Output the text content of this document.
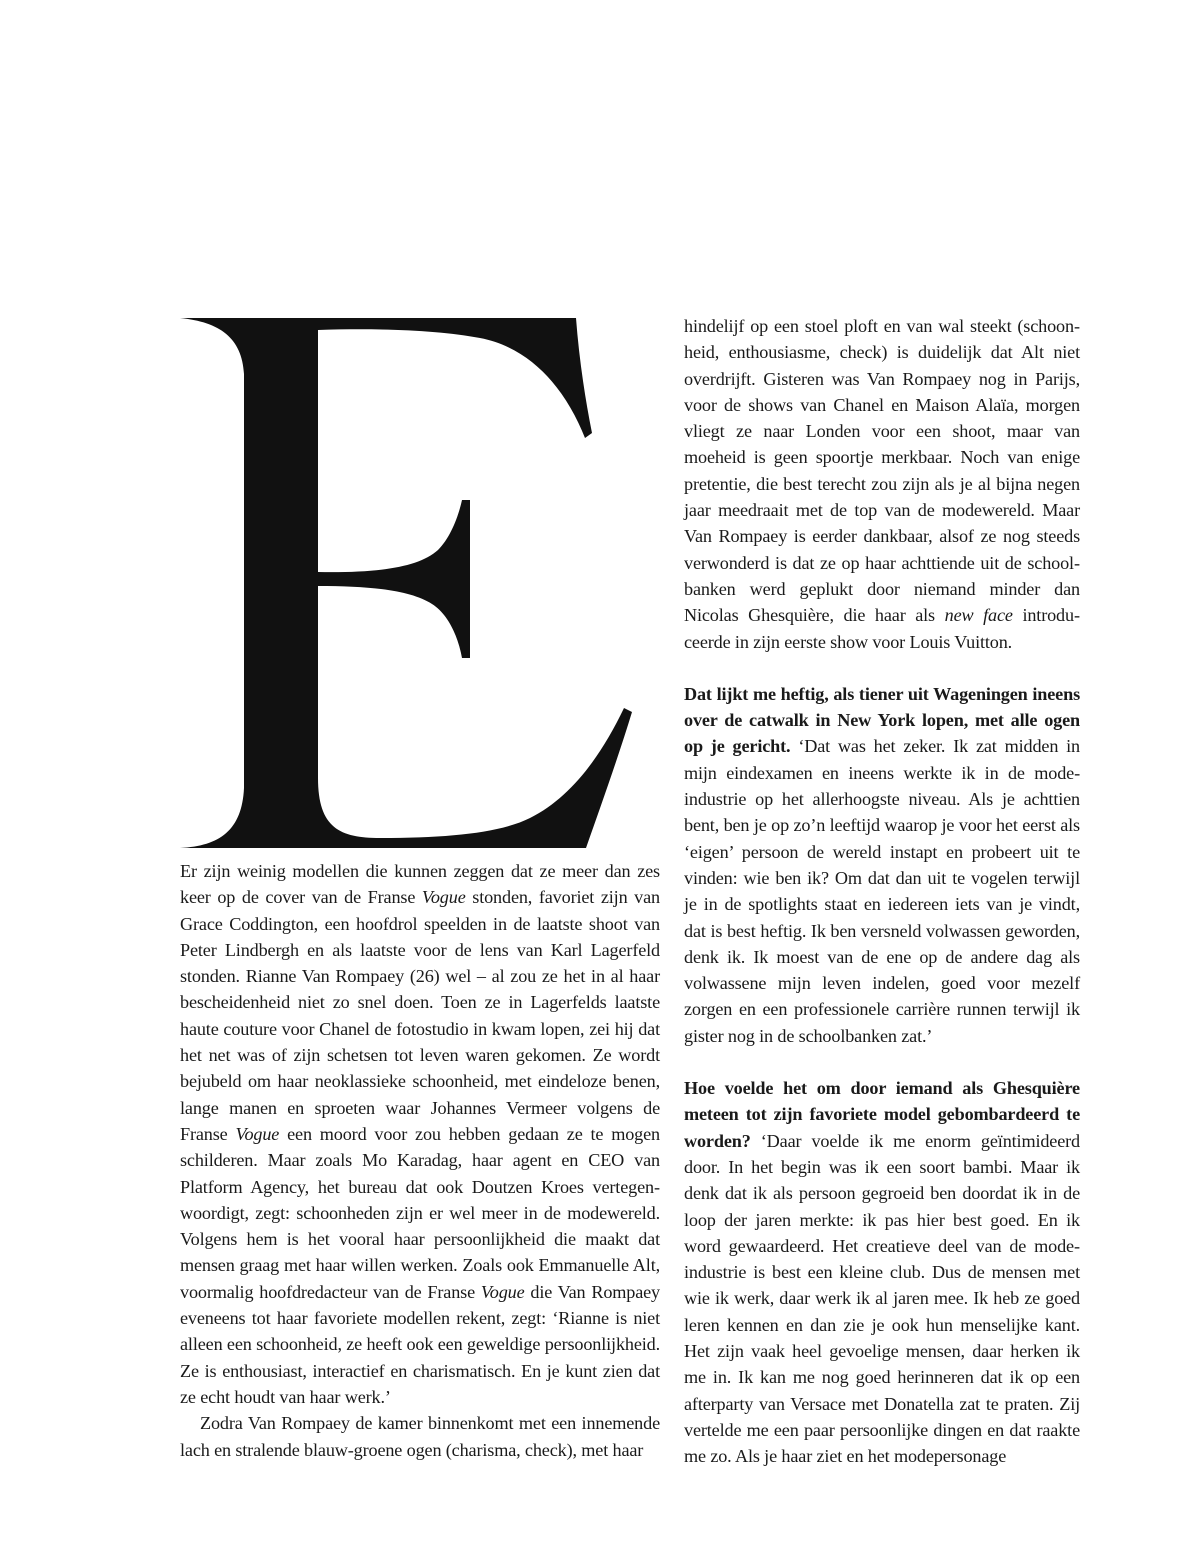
Er zijn weinig modellen die kunnen zeggen dat ze meer dan zes keer op de cover van de Franse Vogue stonden, favoriet zijn van Grace Coddington, een hoofdrol speelden in de laatste shoot van Peter Lindbergh en als laatste voor de lens van Karl Lagerfeld stonden. Rianne Van Rompaey (26) wel – al zou ze het in al haar bescheidenheid niet zo snel doen. Toen ze in Lagerfelds laatste haute couture voor Chanel de fotostudio in kwam lopen, zei hij dat het net was of zijn schetsen tot leven waren gekomen. Ze wordt bejubeld om haar neoklassieke schoonheid, met eindeloze benen, lange manen en sproeten waar Johannes Vermeer volgens de Franse Vogue een moord voor zou hebben gedaan ze te mogen schilderen. Maar zoals Mo Karadag, haar agent en CEO van Platform Agency, het bureau dat ook Doutzen Kroes vertegenwoordigt, zegt: schoonheden zijn er wel meer in de modewereld. Volgens hem is het vooral haar persoonlijkheid die maakt dat mensen graag met haar willen werken. Zoals ook Emmanuelle Alt, voormalig hoofdredacteur van de Franse Vogue die Van Rompaey eveneens tot haar favoriete modellen rekent, zegt: ‘Rianne is niet alleen een schoonheid, ze heeft ook een geweldige persoonlijkheid. Ze is enthousiast, interactief en charismatisch. En je kunt zien dat ze echt houdt van haar werk.’

Zodra Van Rompaey de kamer binnenkomt met een innemende lach en stralende blauw-groene ogen (charisma, check), met haar

hindelijf op een stoel ploft en van wal steekt (schoonheid, enthousiasme, check) is duidelijk dat Alt niet overdrijft. Gisteren was Van Rompaey nog in Parijs, voor de shows van Chanel en Maison Alaïa, morgen vliegt ze naar Londen voor een shoot, maar van moeheid is geen spoortje merkbaar. Noch van enige pretentie, die best terecht zou zijn als je al bijna negen jaar meedraait met de top van de modewereld. Maar Van Rompaey is eerder dankbaar, alsof ze nog steeds verwonderd is dat ze op haar achttiende uit de schoolbanken werd geplukt door niemand minder dan Nicolas Ghesquière, die haar als new face introduceerde in zijn eerste show voor Louis Vuitton.

Dat lijkt me heftig, als tiener uit Wageningen ineens over de catwalk in New York lopen, met alle ogen op je gericht. ‘Dat was het zeker. Ik zat midden in mijn eindexamen en ineens werkte ik in de mode-industrie op het allerhoogste niveau. Als je achttien bent, ben je op zo’n leeftijd waarop je voor het eerst als ‘eigen’ persoon de wereld instapt en probeert uit te vinden: wie ben ik? Om dat dan uit te vogelen terwijl je in de spotlights staat en iedereen iets van je vindt, dat is best heftig. Ik ben versneld volwassen geworden, denk ik. Ik moest van de ene op de andere dag als volwassene mijn leven indelen, goed voor mezelf zorgen en een professionele carrière runnen terwijl ik gister nog in de schoolbanken zat.’

Hoe voelde het om door iemand als Ghesquière meteen tot zijn favoriete model gebombardeerd te worden? ‘Daar voelde ik me enorm geïntimideerd door. In het begin was ik een soort bambi. Maar ik denk dat ik als persoon gegroeid ben doordat ik in de loop der jaren merkte: ik pas hier best goed. En ik word gewaardeerd. Het creatieve deel van de modeindustrie is best een kleine club. Dus de mensen met wie ik werk, daar werk ik al jaren mee. Ik heb ze goed leren kennen en dan zie je ook hun menselijke kant. Het zijn vaak heel gevoelige mensen, daar herken ik me in. Ik kan me nog goed herinneren dat ik op een afterparty van Versace met Donatella zat te praten. Zij vertelde me een paar persoonlijke dingen en dat raakte me zo. Als je haar ziet en het modepersonage
